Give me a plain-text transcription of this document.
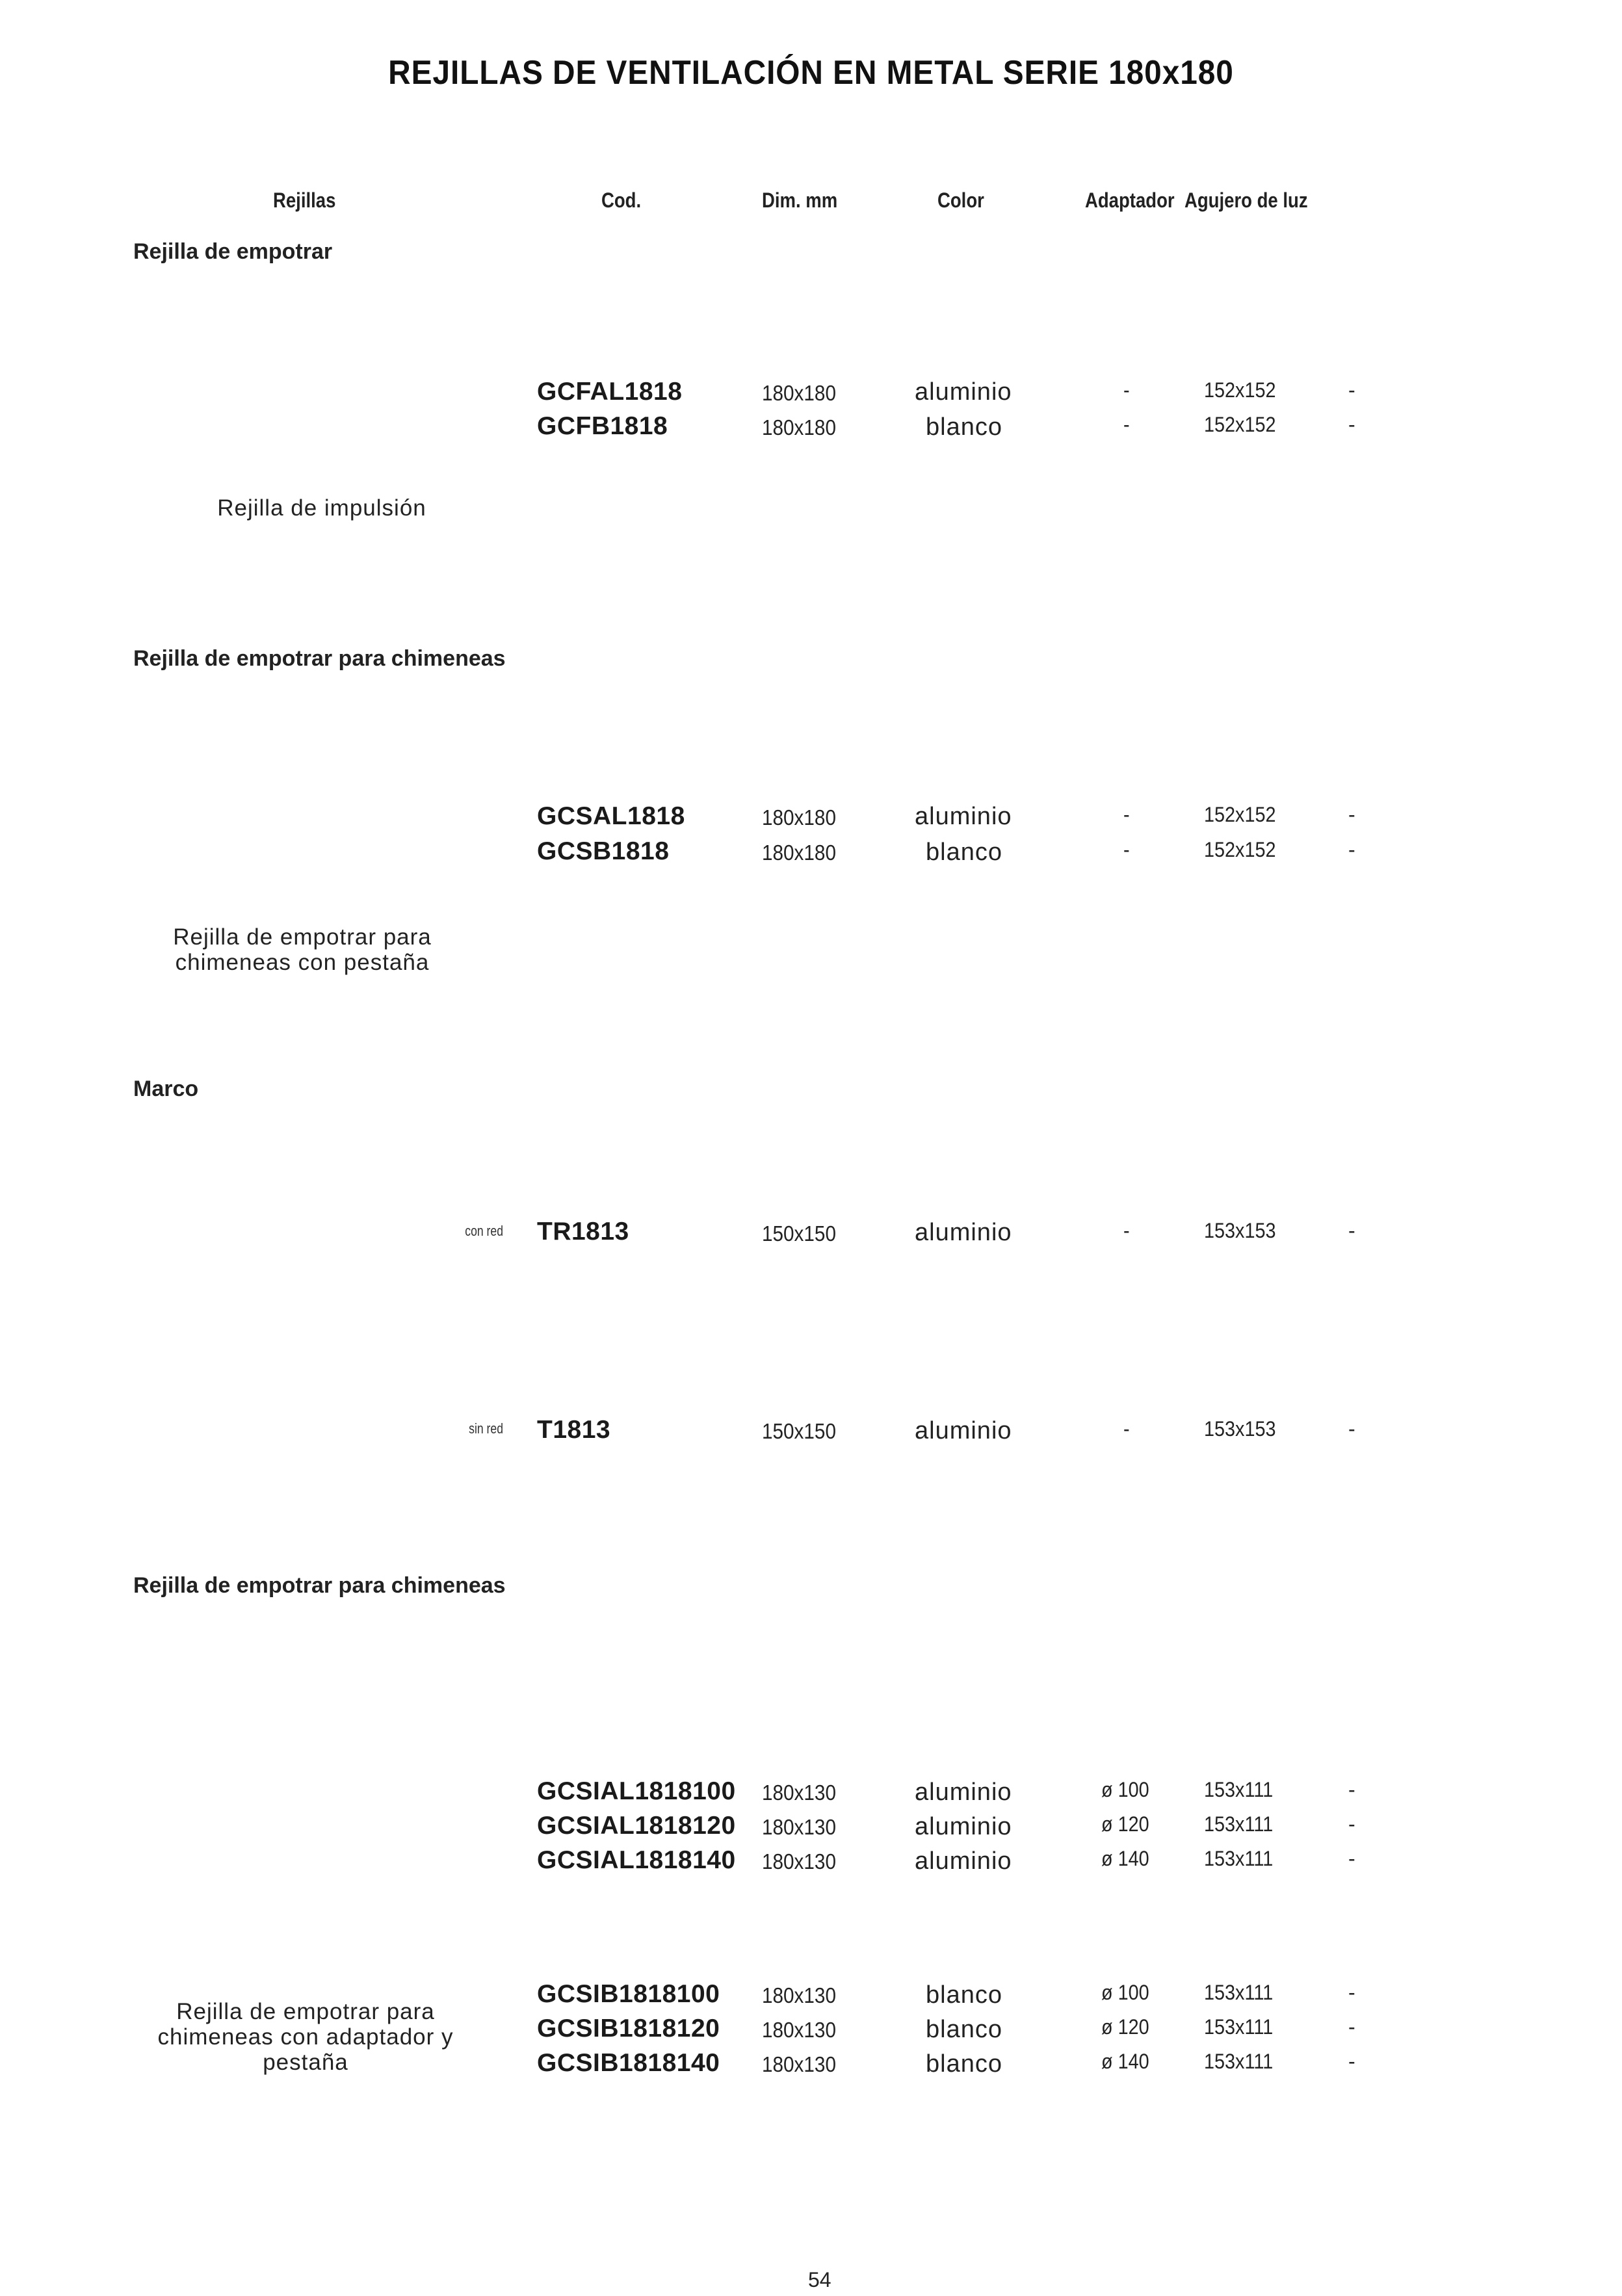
REJILLAS DE VENTILACIÓN EN METAL SERIE 180x180
Rejillas	Cod.	Dim. mm	Color	Adaptador Agujero de luz
Rejilla de empotrar
GCFAL1818	180x180	aluminio	-	152x152	-
GCFB1818	180x180	blanco	-	152x152	-
Rejilla de impulsión
Rejilla de empotrar para chimeneas
GCSAL1818	180x180	aluminio	-	152x152	-
GCSB1818	180x180	blanco	-	152x152	-
Rejilla de empotrar para chimeneas con pestaña
Marco
con red TR1813	150x150	aluminio	-	153x153	-
sin red T1813	150x150	aluminio	-	153x153	-
Rejilla de empotrar para chimeneas
GCSIAL1818100 180x130	aluminio	ø 100	153x111	-
GCSIAL1818120 180x130	aluminio	ø 120	153x111	-
GCSIAL1818140 180x130	aluminio	ø 140	153x111	-
GCSIB1818100 180x130	blanco	ø 100	153x111	-
GCSIB1818120 180x130	blanco	ø 120	153x111	-
GCSIB1818140 180x130	blanco	ø 140	153x111	-
Rejilla de empotrar para chimeneas con adaptador y pestaña
54
